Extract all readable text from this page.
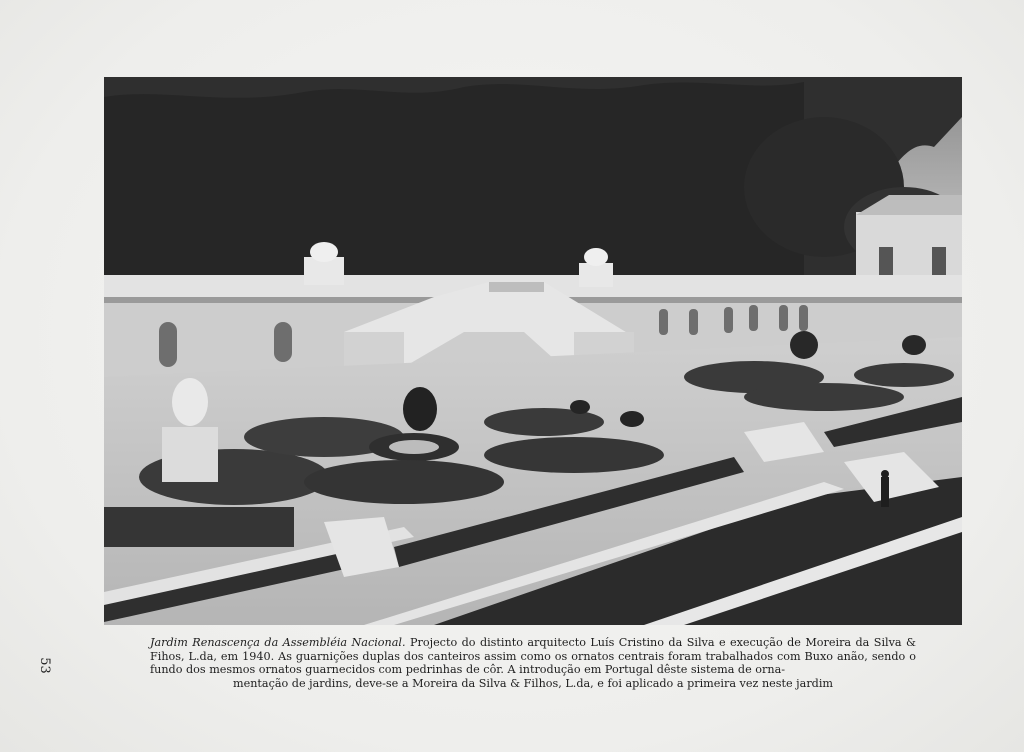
Jardim Renascença da Assembléia Nacional. Projecto do distinto arquitecto Luís Cristino da Silva e execução de Moreira da Silva & Fihos, L.da, em 1940. As guarnições duplas dos canteiros assim como os ornatos centrais foram trabalhados com Buxo anão, sendo o fundo dos mesmos ornatos guarnecidos com pedrinhas de côr. A introdução em Portugal dêste sistema de orna-
mentação de jardins, deve-se a Moreira da Silva & Filhos, L.da, e foi aplicado a primeira vez neste jardim
53
